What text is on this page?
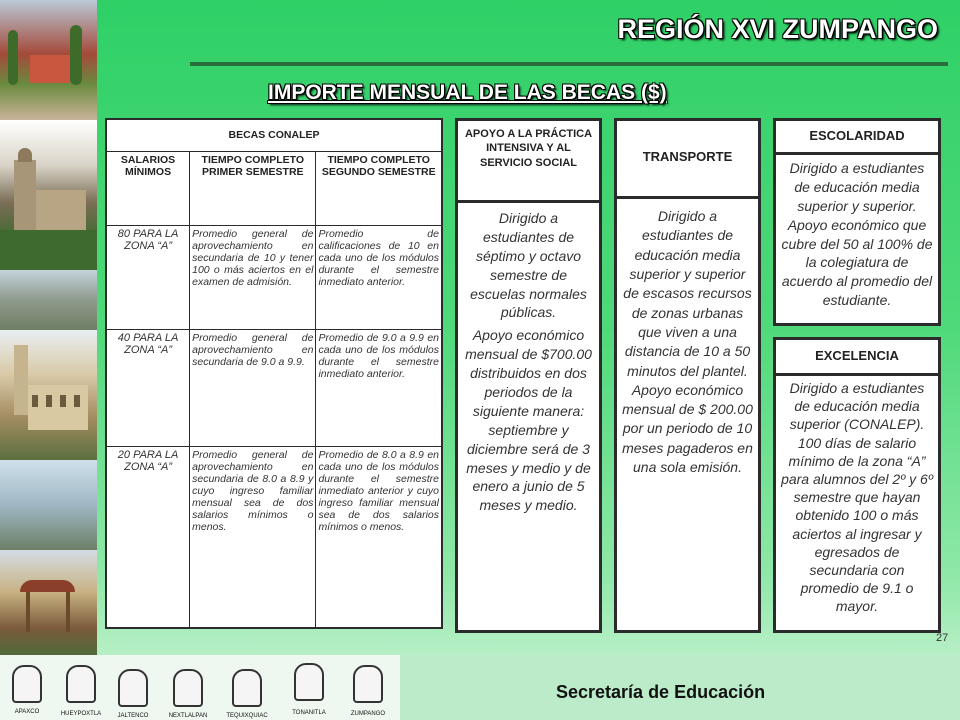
REGIÓN XVI ZUMPANGO
IMPORTE MENSUAL DE LAS BECAS ($)
BECAS CONALEP		
SALARIOS MÍNIMOS	TIEMPO COMPLETO PRIMER SEMESTRE	TIEMPO COMPLETO SEGUNDO SEMESTRE
80 PARA LA ZONA “A”	Promedio general de aprovechamiento en secundaria de 10 y tener 100 o más aciertos en el examen de admisión.	Promedio de calificaciones de 10 en cada uno de los módulos durante el semestre inmediato anterior.
40 PARA LA ZONA “A”	Promedio general de aprovechamiento en secundaria de 9.0 a 9.9.	Promedio de 9.0 a 9.9 en cada uno de los módulos durante el semestre inmediato anterior.
20 PARA LA ZONA “A”	Promedio general de aprovechamiento en secundaria de 8.0 a 8.9 y cuyo ingreso familiar mensual sea de dos salarios mínimos o menos.	Promedio de 8.0 a 8.9 en cada uno de los módulos durante el semestre inmediato anterior y cuyo ingreso familiar mensual sea de dos salarios mínimos o menos.
APOYO A LA PRÁCTICA INTENSIVA Y AL SERVICIO SOCIAL

Dirigido a estudiantes de séptimo y octavo semestre de escuelas normales públicas.

Apoyo económico mensual de $700.00 distribuidos en dos periodos de la siguiente manera: septiembre y diciembre será de 3 meses y medio y de enero a junio de 5 meses y medio.

TRANSPORTE
Dirigido a estudiantes de educación media superior y superior de escasos recursos de zonas urbanas que viven a una distancia de 10 a 50 minutos del plantel. Apoyo económico mensual de $ 200.00 por un periodo de 10 meses pagaderos en una sola emisión.
ESCOLARIDAD
Dirigido a estudiantes de educación media superior y superior. Apoyo económico que cubre del 50 al 100% de la colegiatura de acuerdo al promedio del estudiante.
EXCELENCIA
Dirigido a estudiantes de educación media superior (CONALEP). 100 días de salario mínimo de la zona “A” para alumnos del 2º y 6º semestre que hayan obtenido 100 o más aciertos al ingresar y egresados de secundaria con promedio de 9.1 o mayor.
27
APAXCO	HUEYPOXTLA	JALTENCO	NEXTLALPAN	TEQUIXQUIAC	TONANITLA	ZUMPANGO
Secretaría de Educación
